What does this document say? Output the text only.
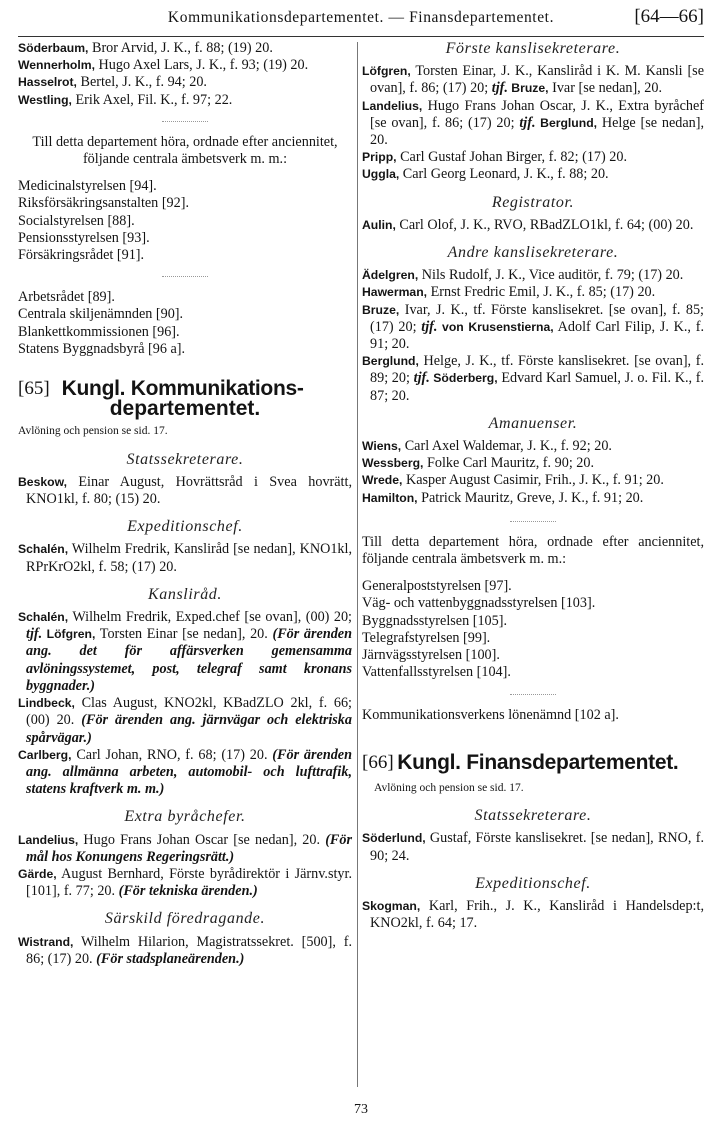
Kommunikationsdepartementet. — Finansdepartementet.	[64—66]

Söderbaum, Bror Arvid, J. K., f. 88; (19) 20.

Wennerholm, Hugo Axel Lars, J. K., f. 93; (19) 20.

Hasselrot, Bertel, J. K., f. 94; 20.

Westling, Erik Axel, Fil. K., f. 97; 22.

Till detta departement höra, ordnade efter anciennitet, följande centrala ämbetsverk m. m.:

Medicinalstyrelsen [94].

Riksförsäkringsanstalten [92].

Socialstyrelsen [88].

Pensionsstyrelsen [93].

Försäkringsrådet [91].

Arbetsrådet [89].

Centrala skiljenämnden [90].

Blankettkommissionen [96].

Statens Byggnadsbyrå [96 a].

[65] Kungl. Kommunikations-
departementet.

Avlöning och pension se sid. 17.

Statssekreterare.

Beskow, Einar August, Hovrättsråd i Svea hovrätt, KNO1kl, f. 80; (15) 20.

Expeditionschef.

Schalén, Wilhelm Fredrik, Kansliråd [se nedan], KNO1kl, RPrKrO2kl, f. 58; (17) 20.

Kansliråd.

Schalén, Wilhelm Fredrik, Exped.chef [se ovan], (00) 20; tjf. Löfgren, Torsten Einar [se nedan], 20. (För ärenden ang. det för affärsverken gemensamma avlöningssystemet, post, telegraf samt kronans byggnader.)

Lindbeck, Clas August, KNO2kl, KBadZLO 2kl, f. 66; (00) 20. (För ärenden ang. järnvägar och elektriska spårvägar.)

Carlberg, Carl Johan, RNO, f. 68; (17) 20. (För ärenden ang. allmänna arbeten, automobil- och lufttrafik, statens kraftverk m. m.)

Extra byråchefer.

Landelius, Hugo Frans Johan Oscar [se nedan], 20. (För mål hos Konungens Regeringsrätt.)

Gärde, August Bernhard, Förste byrådirektör i Järnv.styr. [101], f. 77; 20. (För tekniska ärenden.)

Särskild föredragande.

Wistrand, Wilhelm Hilarion, Magistratssekret. [500], f. 86; (17) 20. (För stadsplaneärenden.)

Förste kanslisekreterare.

Löfgren, Torsten Einar, J. K., Kansliråd i K. M. Kansli [se ovan], f. 86; (17) 20; tjf. Bruze, Ivar [se nedan], 20.

Landelius, Hugo Frans Johan Oscar, J. K., Extra byråchef [se ovan], f. 86; (17) 20; tjf. Berglund, Helge [se nedan], 20.

Pripp, Carl Gustaf Johan Birger, f. 82; (17) 20.

Uggla, Carl Georg Leonard, J. K., f. 88; 20.

Registrator.

Aulin, Carl Olof, J. K., RVO, RBadZLO1kl, f. 64; (00) 20.

Andre kanslisekreterare.

Ädelgren, Nils Rudolf, J. K., Vice auditör, f. 79; (17) 20.

Hawerman, Ernst Fredric Emil, J. K., f. 85; (17) 20.

Bruze, Ivar, J. K., tf. Förste kanslisekret. [se ovan], f. 85; (17) 20; tjf. von Krusenstierna, Adolf Carl Filip, J. K., f. 91; 20.

Berglund, Helge, J. K., tf. Förste kanslisekret. [se ovan], f. 89; 20; tjf. Söderberg, Edvard Karl Samuel, J. o. Fil. K., f. 87; 20.

Amanuenser.

Wiens, Carl Axel Waldemar, J. K., f. 92; 20.

Wessberg, Folke Carl Mauritz, f. 90; 20.

Wrede, Kasper August Casimir, Frih., J. K., f. 91; 20.

Hamilton, Patrick Mauritz, Greve, J. K., f. 91; 20.

Till detta departement höra, ordnade efter anciennitet, följande centrala ämbetsverk m. m.:

Generalpoststyrelsen [97].

Väg- och vattenbyggnadsstyrelsen [103].

Byggnadsstyrelsen [105].

Telegrafstyrelsen [99].

Järnvägsstyrelsen [100].

Vattenfallsstyrelsen [104].

Kommunikationsverkens lönenämnd [102 a].

[66] Kungl. Finansdepartementet.

Avlöning och pension se sid. 17.

Statssekreterare.

Söderlund, Gustaf, Förste kanslisekret. [se nedan], RNO, f. 90; 24.

Expeditionschef.

Skogman, Karl, Frih., J. K., Kansliråd i Handelsdep:t, KNO2kl, f. 64; 17.

73
